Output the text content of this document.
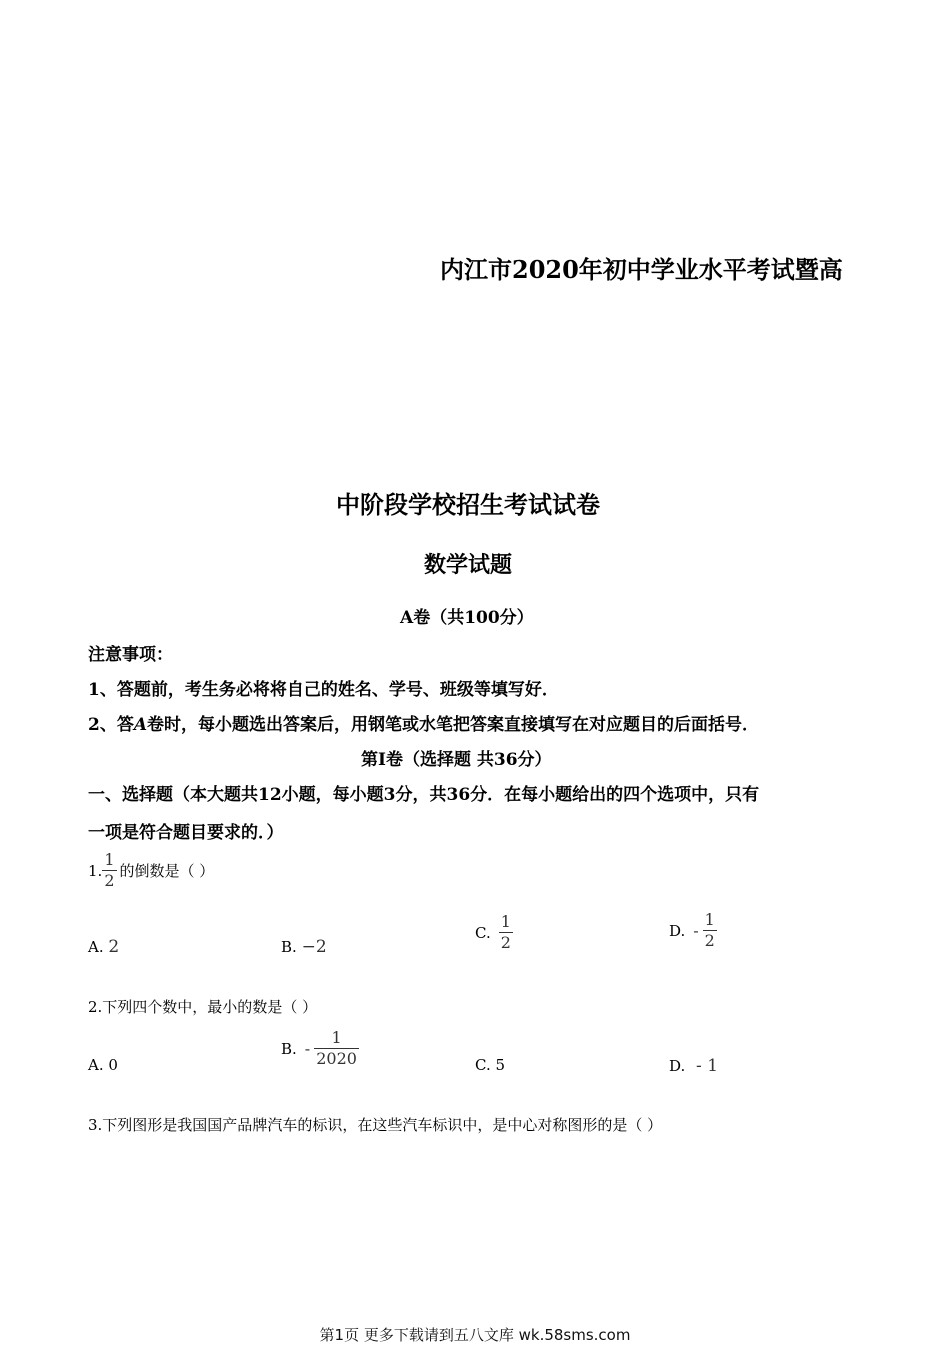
内江市2020年初中学业水平考试暨高
中阶段学校招生考试试卷
数学试题
A卷（共100分）
注意事项：
1、答题前，考生务必将将自己的姓名、学号、班级等填写好．
2、答A卷时，每小题选出答案后，用钢笔或水笔把答案直接填写在对应题目的后面括号．
第Ⅰ卷（选择题 共36分）
一、选择题（本大题共12小题，每小题3分，共36分．在每小题给出的四个选项中，只有
一项是符合题目要求的．）
1. $\frac{1}{2}$ 的倒数是（ ）
A. 2	B. −2
C. $\frac{1}{2}$	D. - $\frac{1}{2}$
2.下列四个数中，最小的数是（ ）
A. 0
B. - $\frac{1}{2020}$	C. 5	D. - 1
3.下列图形是我国国产品牌汽车的标识，在这些汽车标识中，是中心对称图形的是（ ）
第1页 更多下载请到五八文库 wk.58sms.com
